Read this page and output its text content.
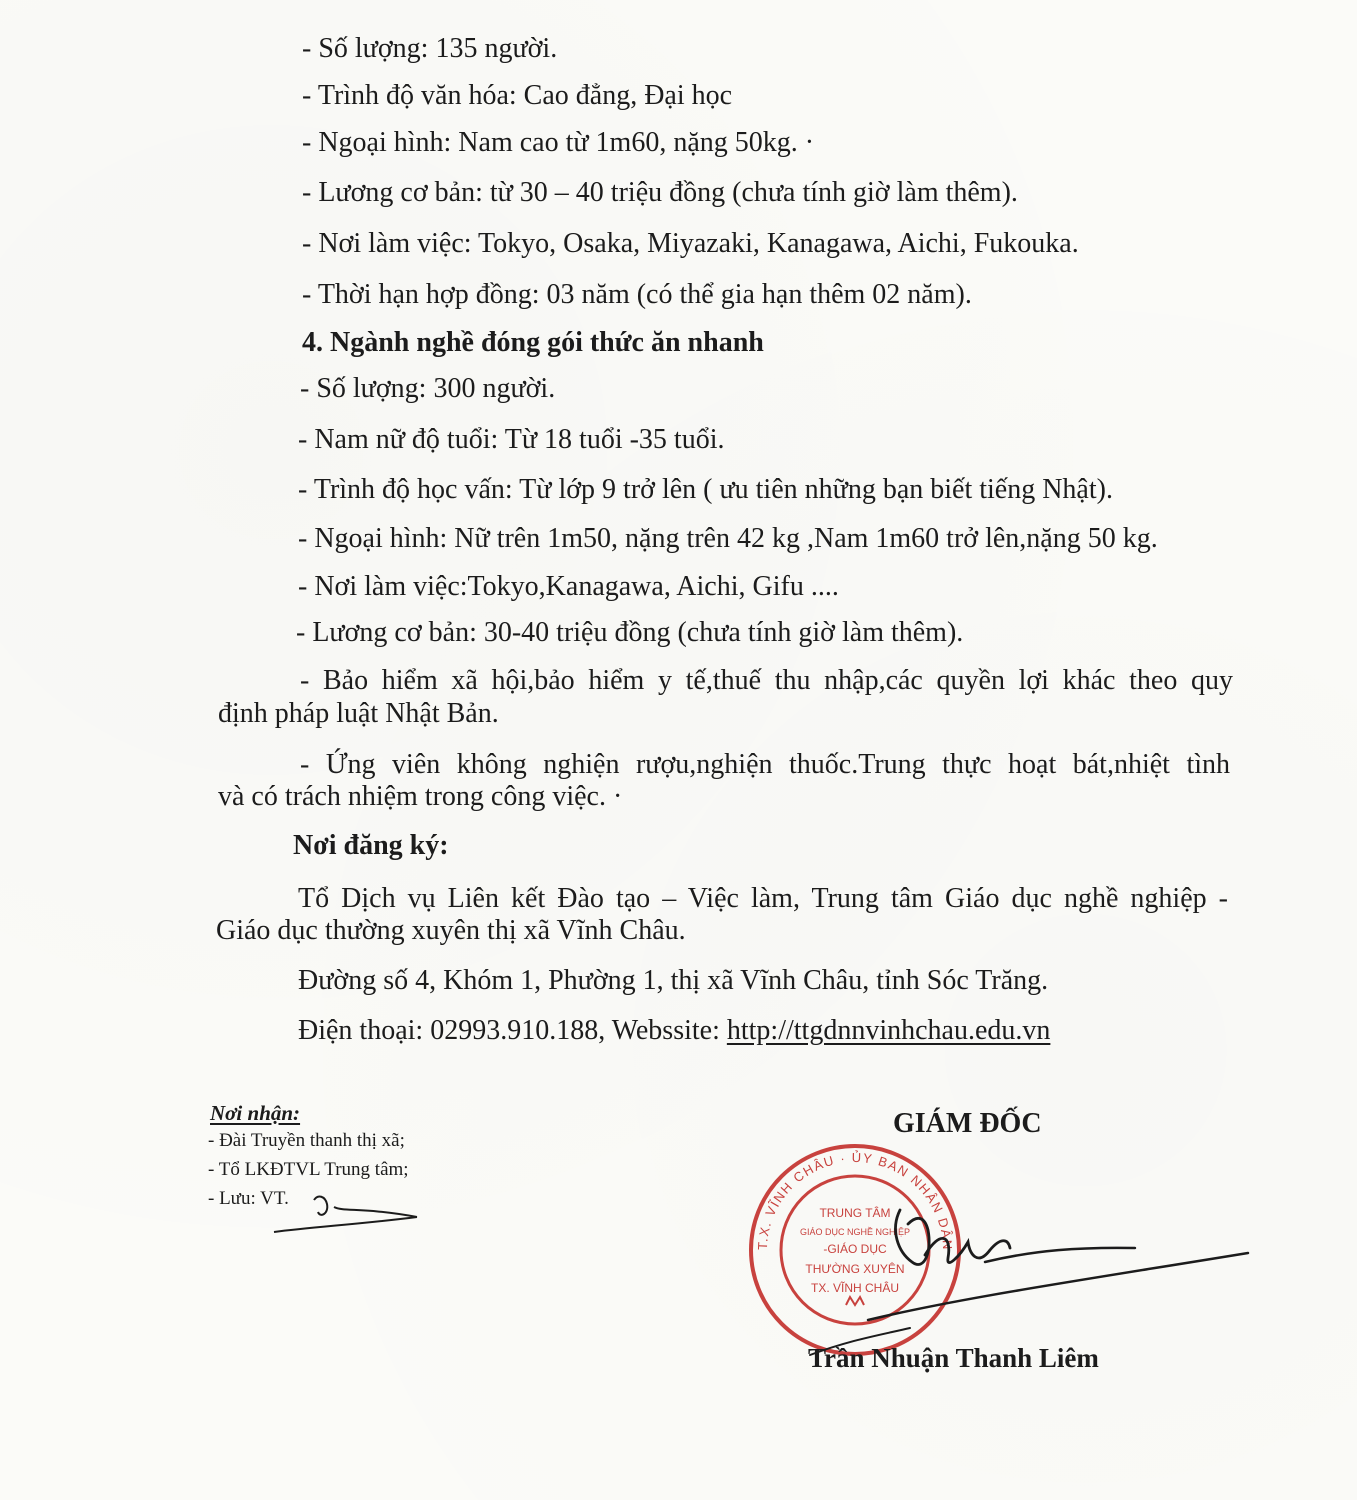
- Số lượng: 135 người.
- Trình độ văn hóa: Cao đẳng, Đại học
- Ngoại hình: Nam cao từ 1m60, nặng 50kg. ·
- Lương cơ bản: từ 30 – 40 triệu đồng (chưa tính giờ làm thêm).
- Nơi làm việc: Tokyo, Osaka, Miyazaki, Kanagawa, Aichi, Fukouka.
- Thời hạn hợp đồng: 03 năm (có thể gia hạn thêm 02 năm).
4. Ngành nghề đóng gói thức ăn nhanh
- Số lượng: 300 người.
- Nam nữ độ tuổi: Từ 18 tuổi -35 tuổi.
- Trình độ học vấn: Từ lớp 9 trở lên ( ưu tiên những bạn biết tiếng Nhật).
- Ngoại hình: Nữ trên 1m50, nặng trên 42 kg ,Nam 1m60 trở lên,nặng 50 kg.
- Nơi làm việc:Tokyo,Kanagawa, Aichi, Gifu ....
- Lương cơ bản: 30-40 triệu đồng (chưa tính giờ làm thêm).
- Bảo hiểm xã hội,bảo hiểm y tế,thuế thu nhập,các quyền lợi khác theo quy
định pháp luật Nhật Bản.
- Ứng viên không nghiện rượu,nghiện thuốc.Trung thực hoạt bát,nhiệt tình
và có trách nhiệm trong công việc. ·
Nơi đăng ký:
Tổ Dịch vụ Liên kết Đào tạo – Việc làm, Trung tâm Giáo dục nghề nghiệp -
Giáo dục thường xuyên thị xã Vĩnh Châu.
Đường số 4, Khóm 1, Phường 1, thị xã Vĩnh Châu, tỉnh Sóc Trăng.
Điện thoại: 02993.910.188, Webssite: http://ttgdnnvinhchau.edu.vn
Nơi nhận:
- Đài Truyền thanh thị xã;
- Tổ LKĐTVL Trung tâm;
- Lưu: VT.
GIÁM ĐỐC
T.X. VĨNH CHÂU · ỦY BAN NHÂN DÂN
TRUNG TÂM
GIÁO DỤC NGHỀ NGHIỆP
-GIÁO DỤC
THƯỜNG XUYÊN
TX. VĨNH CHÂU
Trần Nhuận Thanh Liêm
